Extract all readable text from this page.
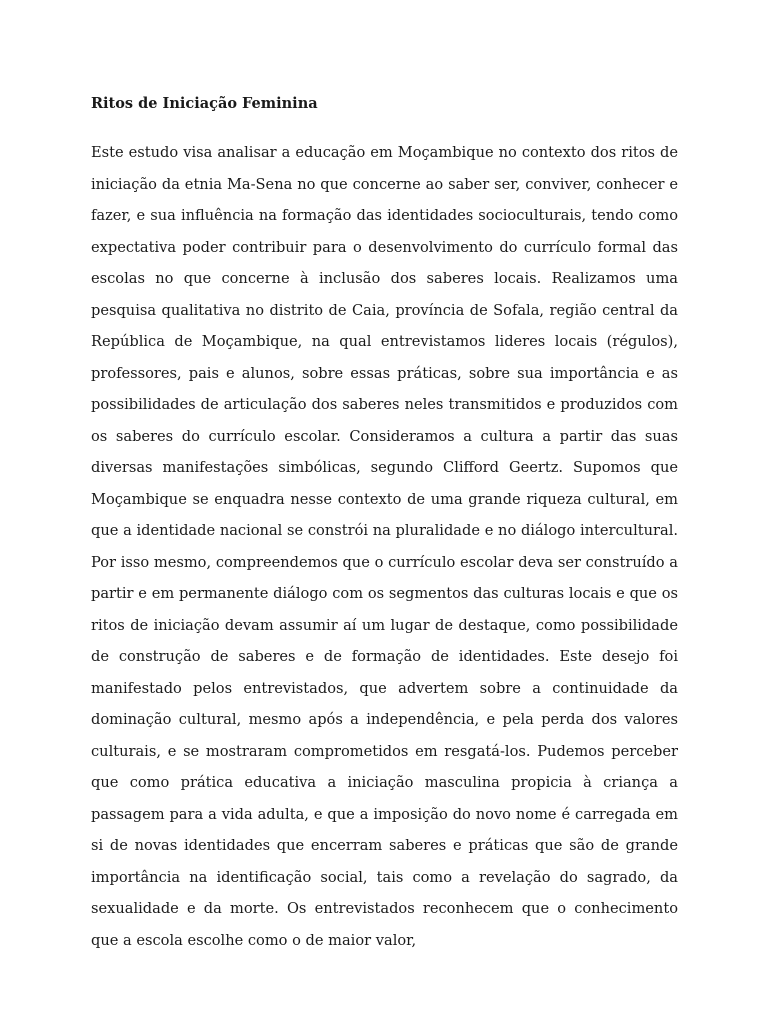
Ritos de Iniciação Feminina

Este estudo visa analisar a educação em Moçambique no contexto dos ritos de iniciação da etnia Ma-Sena no que concerne ao saber ser, conviver, conhecer e fazer, e sua influência na formação das identidades socioculturais, tendo como expectativa poder contribuir para o desenvolvimento do currículo formal das escolas no que concerne à inclusão dos saberes locais. Realizamos uma pesquisa qualitativa no distrito de Caia, província de Sofala, região central da República de Moçambique, na qual entrevistamos lideres locais (régulos), professores, pais e alunos, sobre essas práticas, sobre sua importância e as possibilidades de articulação dos saberes neles transmitidos e produzidos com os saberes do currículo escolar. Consideramos a cultura a partir das suas diversas manifestações simbólicas, segundo Clifford Geertz. Supomos que Moçambique se enquadra nesse contexto de uma grande riqueza cultural, em que a identidade nacional se constrói na pluralidade e no diálogo intercultural. Por isso mesmo, compreendemos que o currículo escolar deva ser construído a partir e em permanente diálogo com os segmentos das culturas locais e que os ritos de iniciação devam assumir aí um lugar de destaque, como possibilidade de construção de saberes e de formação de identidades. Este desejo foi manifestado pelos entrevistados, que advertem sobre a continuidade da dominação cultural, mesmo após a independência, e pela perda dos valores culturais, e se mostraram comprometidos em resgatá-los. Pudemos perceber que como prática educativa a iniciação masculina propicia à criança a passagem para a vida adulta, e que a imposição do novo nome é carregada em si de novas identidades que encerram saberes e práticas que são de grande importância na identificação social, tais como a revelação do sagrado, da sexualidade e da morte. Os entrevistados reconhecem que o conhecimento que a escola escolhe como o de maior valor,
